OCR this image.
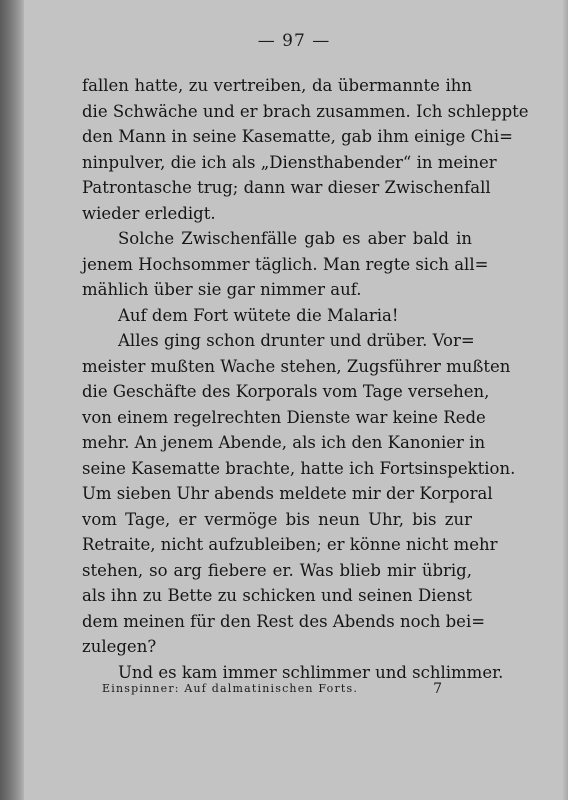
— 97 —
fallen hatte, zu vertreiben, da übermannte ihn
die Schwäche und er brach zusammen. Ich schleppte
den Mann in seine Kasematte, gab ihm einige Chi=
ninpulver, die ich als „Diensthabender“ in meiner
Patrontasche trug; dann war dieser Zwischenfall
wieder erledigt.
Solche Zwischenfälle gab es aber bald in
jenem Hochsommer täglich. Man regte sich all=
mählich über sie gar nimmer auf.
Auf dem Fort wütete die Malaria!
Alles ging schon drunter und drüber. Vor=
meister mußten Wache stehen, Zugsführer mußten
die Geschäfte des Korporals vom Tage versehen,
von einem regelrechten Dienste war keine Rede
mehr. An jenem Abende, als ich den Kanonier in
seine Kasematte brachte, hatte ich Fortsinspektion.
Um sieben Uhr abends meldete mir der Korporal
vom Tage, er vermöge bis neun Uhr, bis zur
Retraite, nicht aufzubleiben; er könne nicht mehr
stehen, so arg fiebere er. Was blieb mir übrig,
als ihn zu Bette zu schicken und seinen Dienst
dem meinen für den Rest des Abends noch bei=
zulegen?
Und es kam immer schlimmer und schlimmer.
Einspinner: Auf dalmatinischen Forts.	7
